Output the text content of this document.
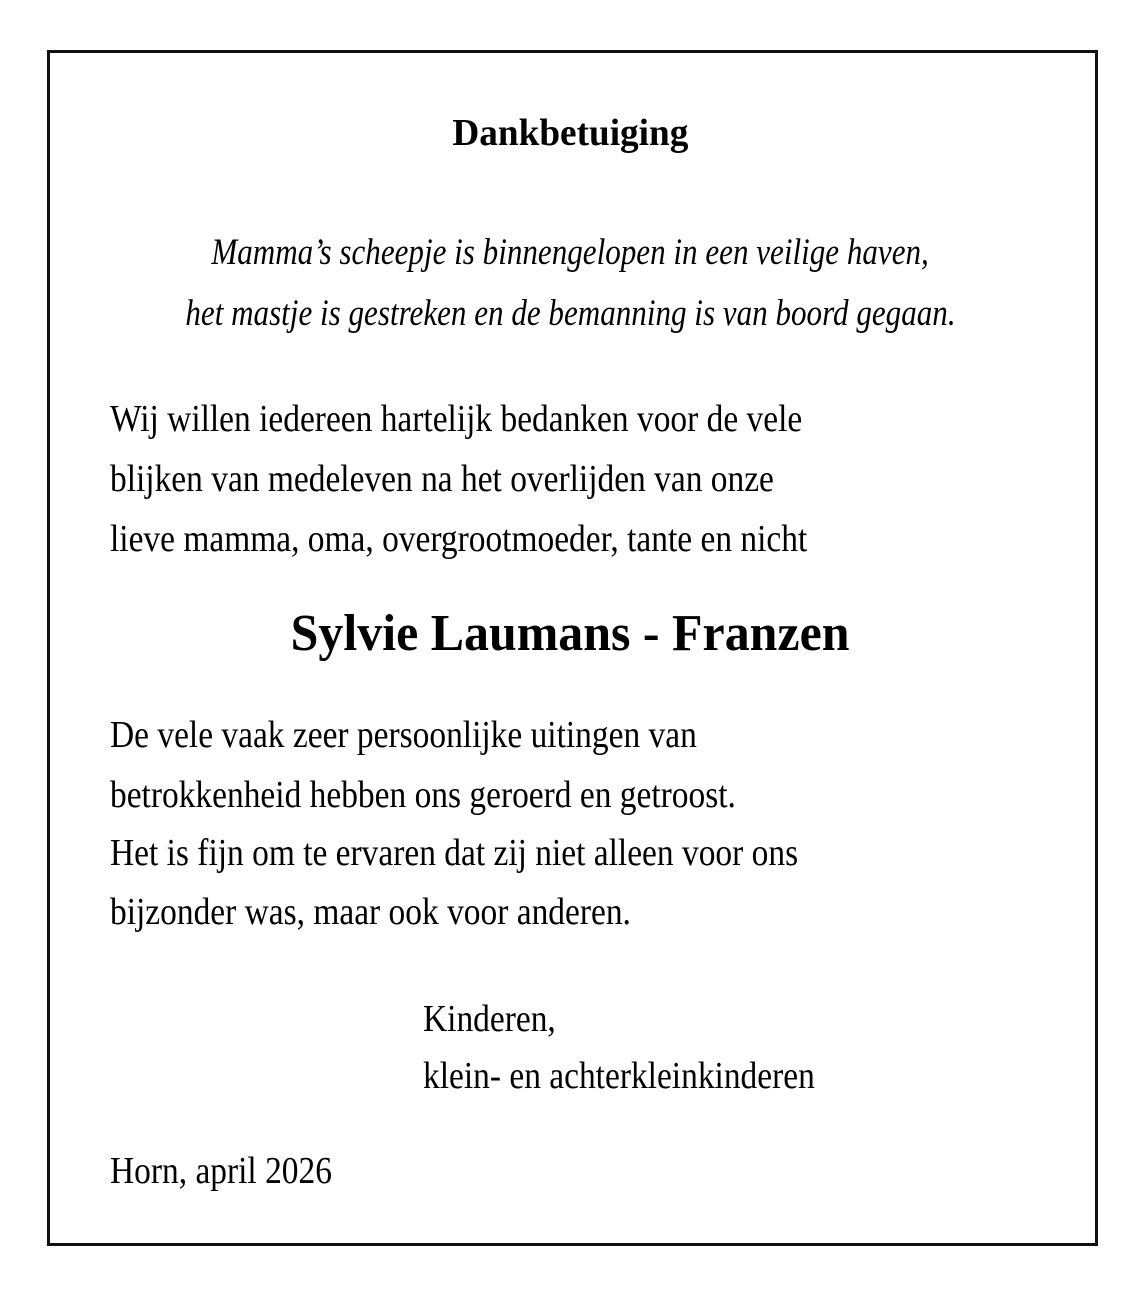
Dankbetuiging
Mamma’s scheepje is binnengelopen in een veilige haven,
het mastje is gestreken en de bemanning is van boord gegaan.
Wij willen iedereen hartelijk bedanken voor de vele
blijken van medeleven na het overlijden van onze
lieve mamma, oma, overgrootmoeder, tante en nicht
Sylvie Laumans - Franzen
De vele vaak zeer persoonlijke uitingen van
betrokkenheid hebben ons geroerd en getroost.
Het is fijn om te ervaren dat zij niet alleen voor ons
bijzonder was, maar ook voor anderen.
Kinderen,
klein- en achterkleinkinderen
Horn, april 2026
